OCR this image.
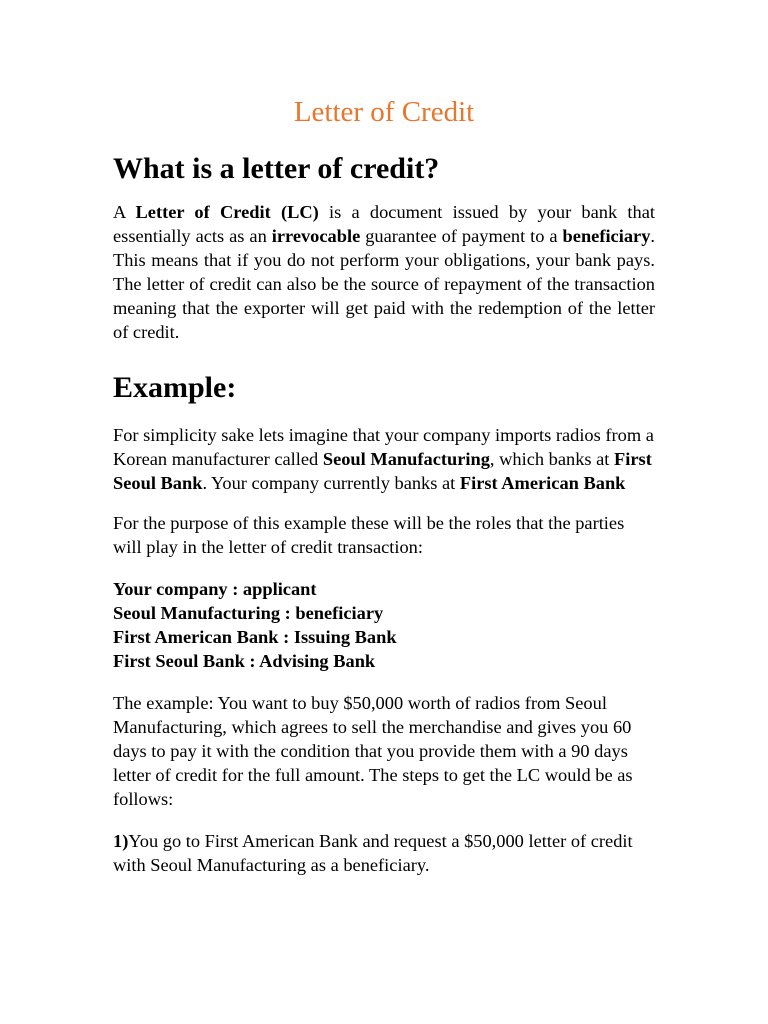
Letter of Credit
What is a letter of credit?

A Letter of Credit (LC) is a document issued by your bank that essentially acts as an irrevocable guarantee of payment to a beneficiary. This means that if you do not perform your obligations, your bank pays. The letter of credit can also be the source of repayment of the transaction meaning that the exporter will get paid with the redemption of the letter of credit.

Example:

For simplicity sake lets imagine that your company imports radios from a Korean manufacturer called Seoul Manufacturing, which banks at First Seoul Bank. Your company currently banks at First American Bank

For the purpose of this example these will be the roles that the parties will play in the letter of credit transaction:

Your company : applicant

Seoul Manufacturing : beneficiary

First American Bank : Issuing Bank

First Seoul Bank : Advising Bank

The example: You want to buy $50,000 worth of radios from Seoul Manufacturing, which agrees to sell the merchandise and gives you 60 days to pay it with the condition that you provide them with a 90 days letter of credit for the full amount. The steps to get the LC would be as follows:

1)You go to First American Bank and request a $50,000 letter of credit with Seoul Manufacturing as a beneficiary.
